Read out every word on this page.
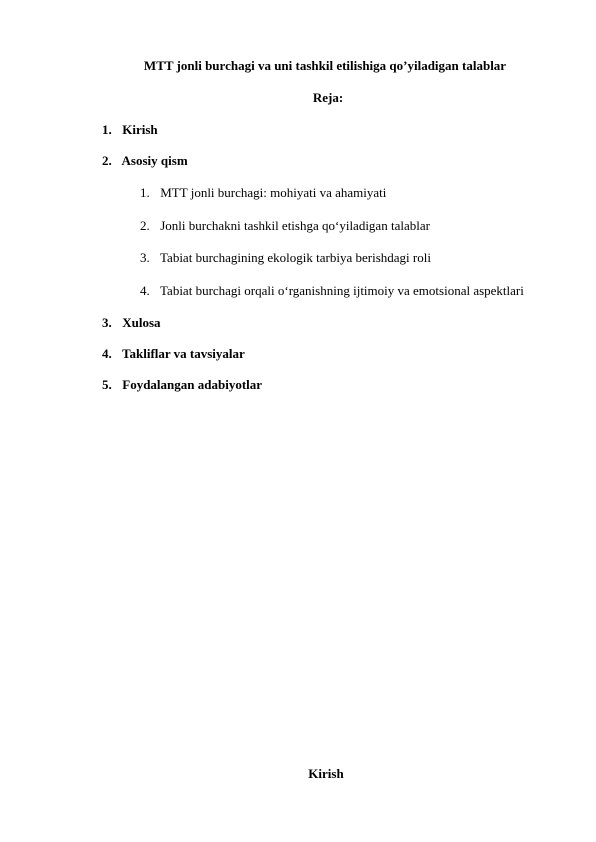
MTT jonli burchagi va uni tashkil etilishiga qo’yiladigan talablar
Reja:
1. Kirish
2. Asosiy qism
1. MTT jonli burchagi: mohiyati va ahamiyati
2. Jonli burchakni tashkil etishga qo‘yiladigan talablar
3. Tabiat burchagining ekologik tarbiya berishdagi roli
4. Tabiat burchagi orqali o‘rganishning ijtimoiy va emotsional aspektlari
3. Xulosa
4. Takliflar va tavsiyalar
5. Foydalangan adabiyotlar
Kirish
